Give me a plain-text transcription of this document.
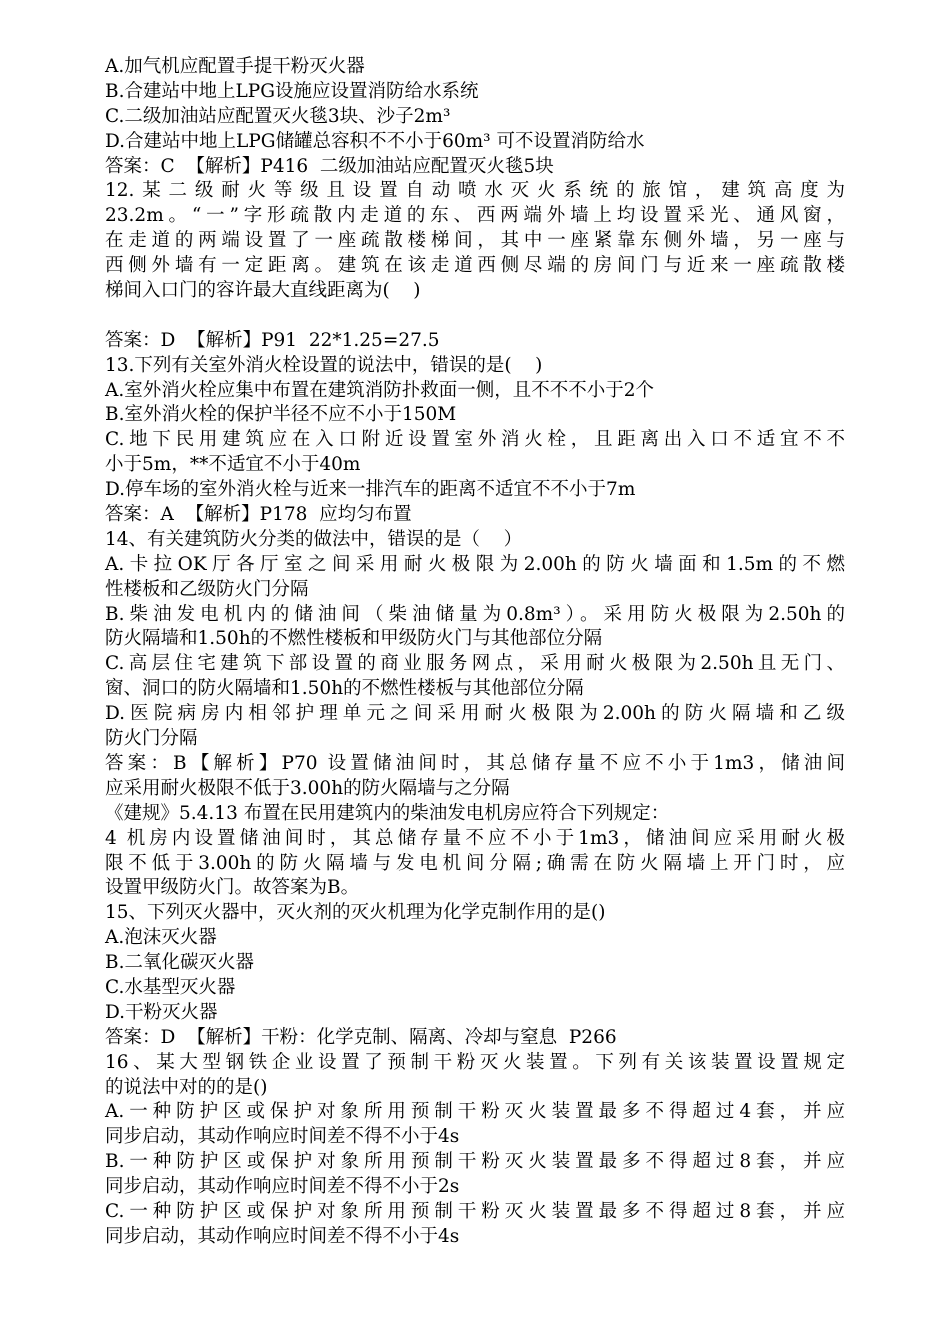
A.加气机应配置手提干粉灭火器
B.合建站中地上LPG设施应设置消防给水系统
C.二级加油站应配置灭火毯3块、沙子2m³
D.合建站中地上LPG储罐总容积不不小于60m³ 可不设置消防给水
答案：C  【解析】P416  二级加油站应配置灭火毯5块
12.某二级耐火等级且设置自动喷水灭火系统的旅馆，建筑高度为
23.2m。“一”字形疏散内走道的东、西两端外墙上均设置采光、通风窗，
在走道的两端设置了一座疏散楼梯间，其中一座紧靠东侧外墙，另一座与
西侧外墙有一定距离。建筑在该走道西侧尽端的房间门与近来一座疏散楼
梯间入口门的容许最大直线距离为(    )
答案：D  【解析】P91  22*1.25=27.5
13.下列有关室外消火栓设置的说法中，错误的是(    )
A.室外消火栓应集中布置在建筑消防扑救面一侧，且不不不小于2个
B.室外消火栓的保护半径不应不小于150M
C.地下民用建筑应在入口附近设置室外消火栓，且距离出入口不适宜不不
小于5m，**不适宜不小于40m
D.停车场的室外消火栓与近来一排汽车的距离不适宜不不小于7m
答案：A  【解析】P178  应均匀布置
14、有关建筑防火分类的做法中，错误的是（    ）
A.卡拉OK厅各厅室之间采用耐火极限为2.00h的防火墙面和1.5m的不燃
性楼板和乙级防火门分隔
B.柴油发电机内的储油间（柴油储量为0.8m³）。采用防火极限为2.50h的
防火隔墙和1.50h的不燃性楼板和甲级防火门与其他部位分隔
C.高层住宅建筑下部设置的商业服务网点，采用耐火极限为2.50h且无门、
窗、洞口的防火隔墙和1.50h的不燃性楼板与其他部位分隔
D.医院病房内相邻护理单元之间采用耐火极限为2.00h的防火隔墙和乙级
防火门分隔
答案：B【解析】P70 设置储油间时，其总储存量不应不小于1m3，储油间
应采用耐火极限不低于3.00h的防火隔墙与之分隔
《建规》5.4.13 布置在民用建筑内的柴油发电机房应符合下列规定：
4 机房内设置储油间时，其总储存量不应不小于1m3，储油间应采用耐火极
限不低于3.00h的防火隔墙与发电机间分隔;确需在防火隔墙上开门时，应
设置甲级防火门。故答案为B。
15、下列灭火器中，灭火剂的灭火机理为化学克制作用的是()
A.泡沫灭火器
B.二氧化碳灭火器
C.水基型灭火器
D.干粉灭火器
答案：D  【解析】干粉：化学克制、隔离、冷却与窒息  P266
16、某大型钢铁企业设置了预制干粉灭火装置。下列有关该装置设置规定
的说法中对的的是()
A.一种防护区或保护对象所用预制干粉灭火装置最多不得超过4套，并应
同步启动，其动作响应时间差不得不小于4s
B.一种防护区或保护对象所用预制干粉灭火装置最多不得超过8套，并应
同步启动，其动作响应时间差不得不小于2s
C.一种防护区或保护对象所用预制干粉灭火装置最多不得超过8套，并应
同步启动，其动作响应时间差不得不小于4s
